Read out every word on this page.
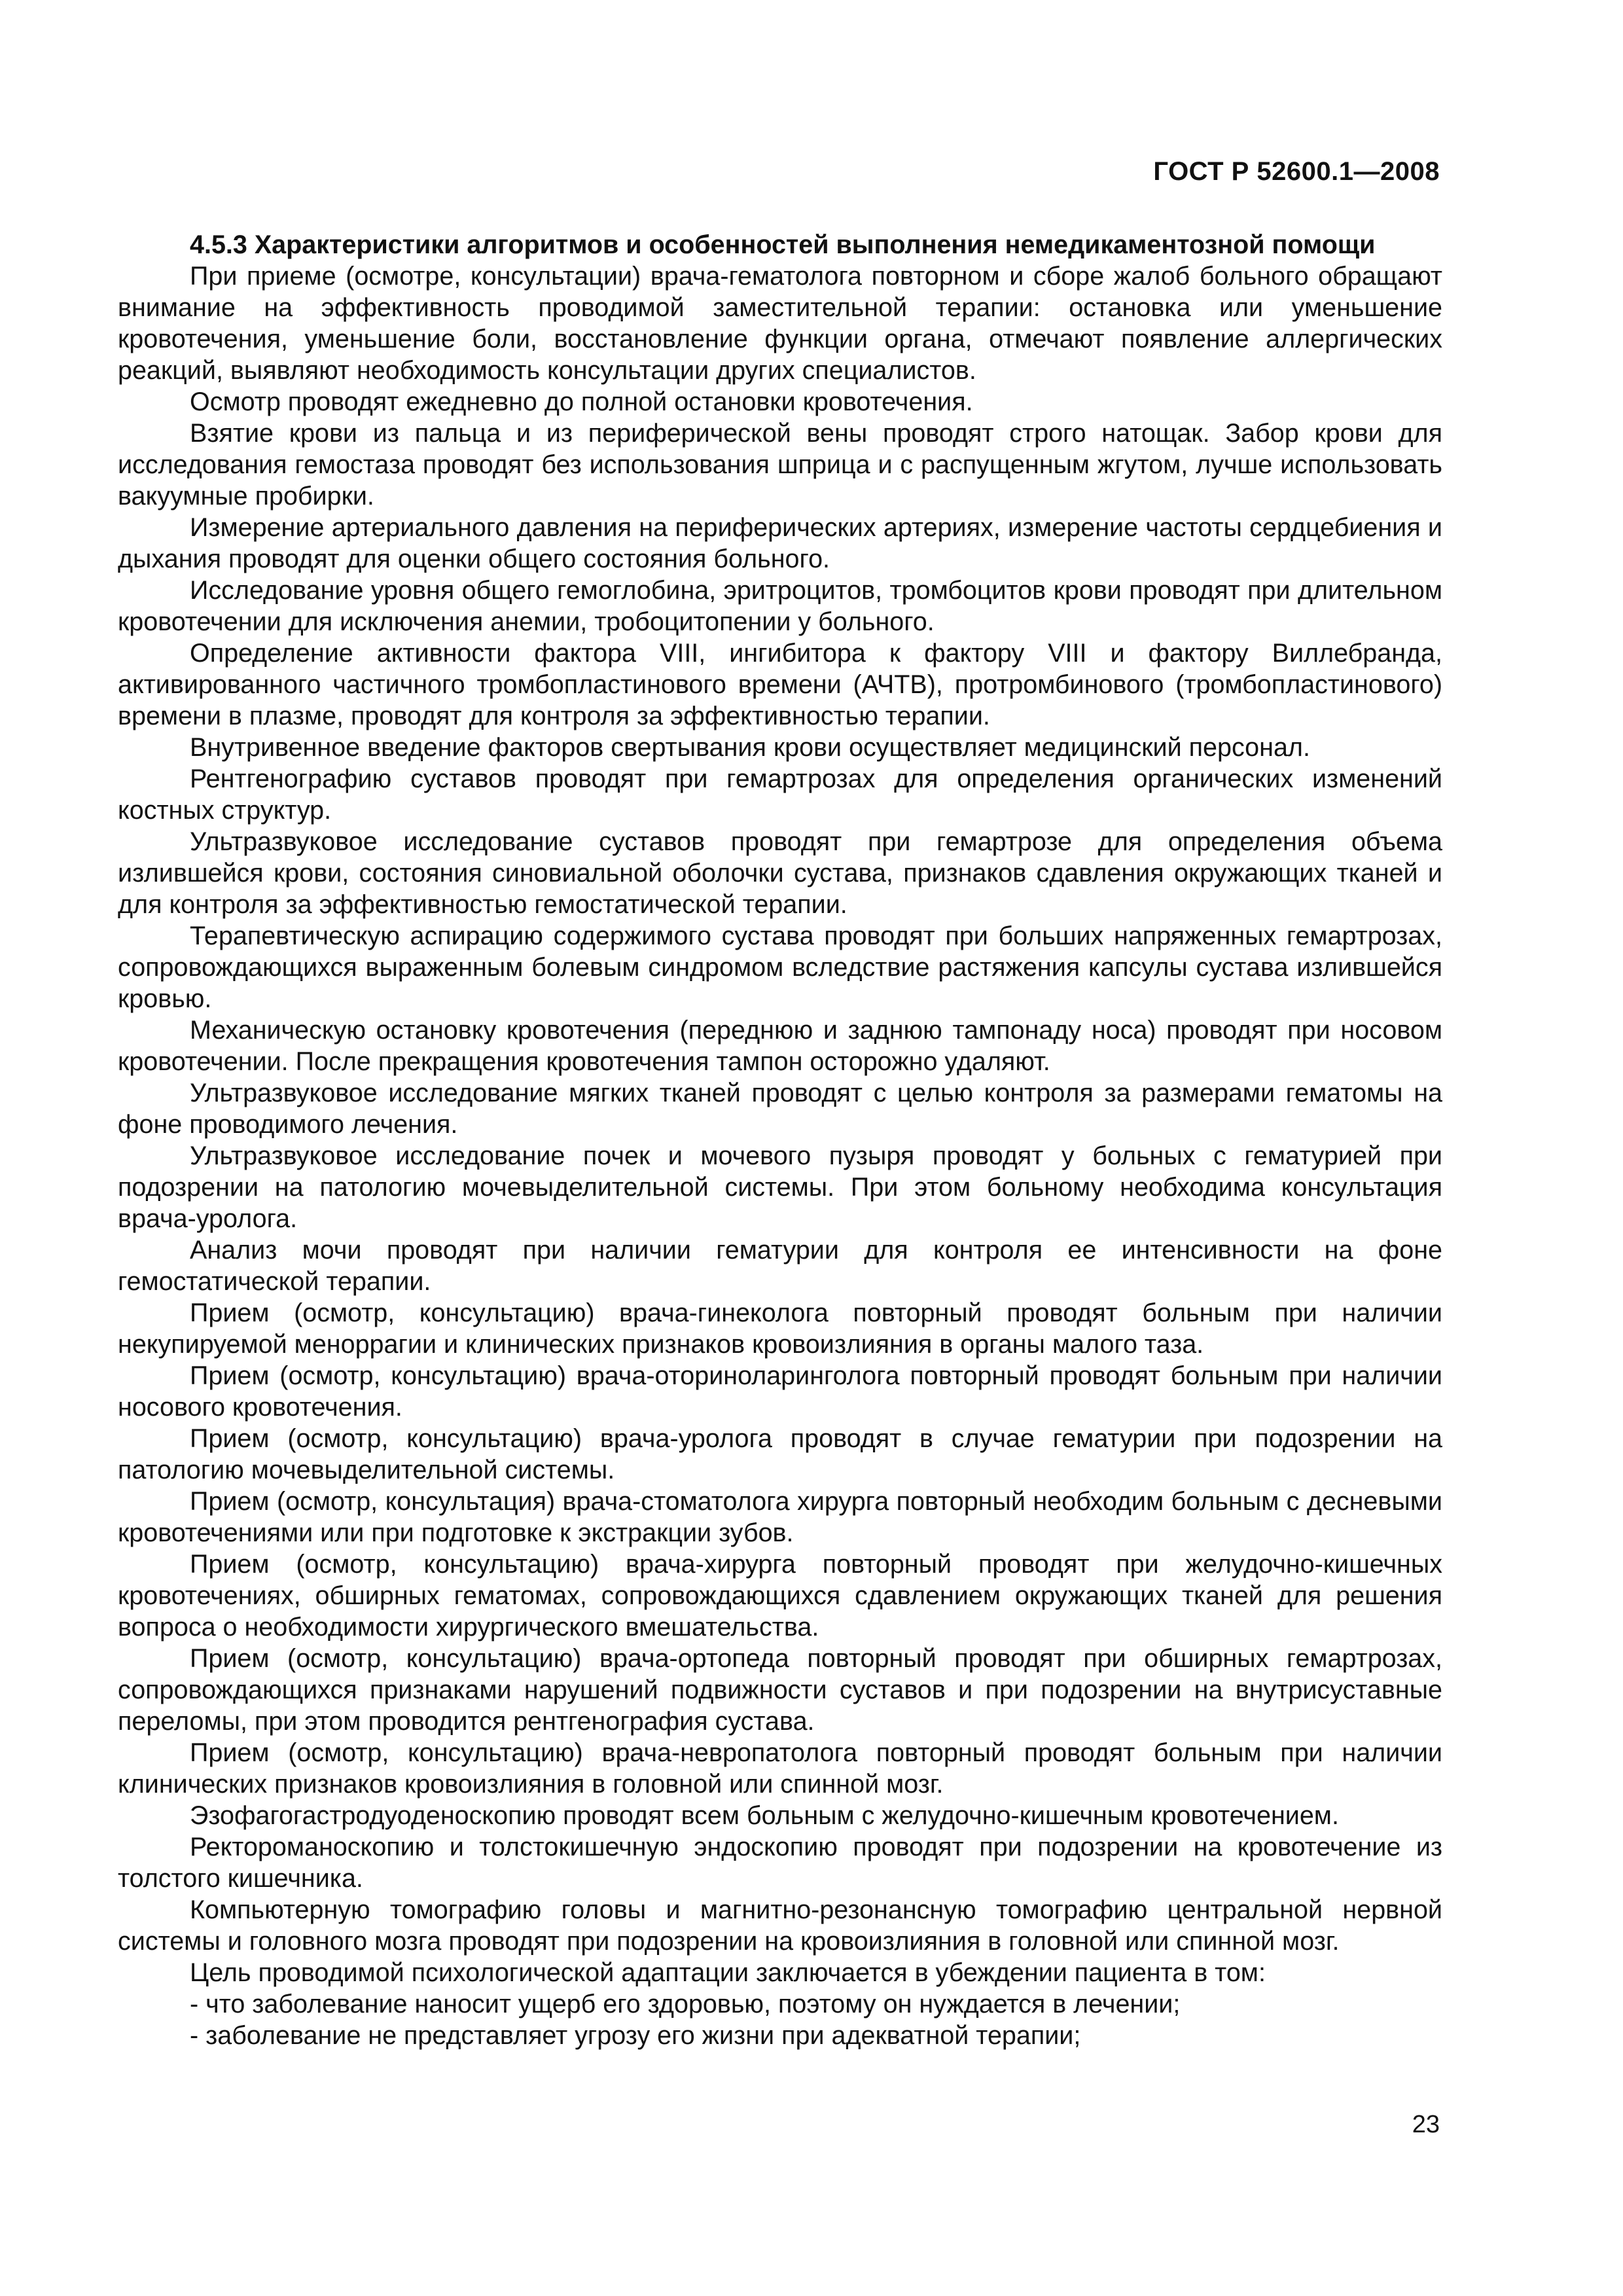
ГОСТ Р 52600.1—2008

4.5.3 Характеристики алгоритмов и особенностей выполнения немедикаментозной помощи

При приеме (осмотре, консультации) врача-гематолога повторном и сборе жалоб больного обращают внимание на эффективность проводимой заместительной терапии: остановка или уменьшение кровотечения, уменьшение боли, восстановление функции органа, отмечают появление аллергических реакций, выявляют необходимость консультации других специалистов.

Осмотр проводят ежедневно до полной остановки кровотечения.

Взятие крови из пальца и из периферической вены проводят строго натощак. Забор крови для исследования гемостаза проводят без использования шприца и с распущенным жгутом, лучше использовать вакуумные пробирки.

Измерение артериального давления на периферических артериях, измерение частоты сердцебиения и дыхания проводят для оценки общего состояния больного.

Исследование уровня общего гемоглобина, эритроцитов, тромбоцитов крови проводят при длительном кровотечении для исключения анемии, тробоцитопении у больного.

Определение активности фактора VIII, ингибитора к фактору VIII и фактору Виллебранда, активированного частичного тромбопластинового времени (АЧТВ), протромбинового (тромбопластинового) времени в плазме, проводят для контроля за эффективностью терапии.

Внутривенное введение факторов свертывания крови осуществляет медицинский персонал.

Рентгенографию суставов проводят при гемартрозах для определения органических изменений костных структур.

Ультразвуковое исследование суставов проводят при гемартрозе для определения объема излившейся крови, состояния синовиальной оболочки сустава, признаков сдавления окружающих тканей и для контроля за эффективностью гемостатической терапии.

Терапевтическую аспирацию содержимого сустава проводят при больших напряженных гемартрозах, сопровождающихся выраженным болевым синдромом вследствие растяжения капсулы сустава излившейся кровью.

Механическую остановку кровотечения (переднюю и заднюю тампонаду носа) проводят при носовом кровотечении. После прекращения кровотечения тампон осторожно удаляют.

Ультразвуковое исследование мягких тканей проводят с целью контроля за размерами гематомы на фоне проводимого лечения.

Ультразвуковое исследование почек и мочевого пузыря проводят у больных с гематурией при подозрении на патологию мочевыделительной системы. При этом больному необходима консультация врача-уролога.

Анализ мочи проводят при наличии гематурии для контроля ее интенсивности на фоне гемостатической терапии.

Прием (осмотр, консультацию) врача-гинеколога повторный проводят больным при наличии некупируемой меноррагии и клинических признаков кровоизлияния в органы малого таза.

Прием (осмотр, консультацию) врача-оториноларинголога повторный проводят больным при наличии носового кровотечения.

Прием (осмотр, консультацию) врача-уролога проводят в случае гематурии при подозрении на патологию мочевыделительной системы.

Прием (осмотр, консультация) врача-стоматолога хирурга повторный необходим больным с десневыми кровотечениями или при подготовке к экстракции зубов.

Прием (осмотр, консультацию) врача-хирурга повторный проводят при желудочно-кишечных кровотечениях, обширных гематомах, сопровождающихся сдавлением окружающих тканей для решения вопроса о необходимости хирургического вмешательства.

Прием (осмотр, консультацию) врача-ортопеда повторный проводят при обширных гемартрозах, сопровождающихся признаками нарушений подвижности суставов и при подозрении на внутрисуставные переломы, при этом проводится рентгенография сустава.

Прием (осмотр, консультацию) врача-невропатолога повторный проводят больным при наличии клинических признаков кровоизлияния в головной или спинной мозг.

Эзофагогастродуоденоскопию проводят всем больным с желудочно-кишечным кровотечением.

Ректороманоскопию и толстокишечную эндоскопию проводят при подозрении на кровотечение из толстого кишечника.

Компьютерную томографию головы и магнитно-резонансную томографию центральной нервной системы и головного мозга проводят при подозрении на кровоизлияния в головной или спинной мозг.

Цель проводимой психологической адаптации заключается в убеждении пациента в том:

- что заболевание наносит ущерб его здоровью, поэтому он нуждается в лечении;

- заболевание не представляет угрозу его жизни при адекватной терапии;

23
